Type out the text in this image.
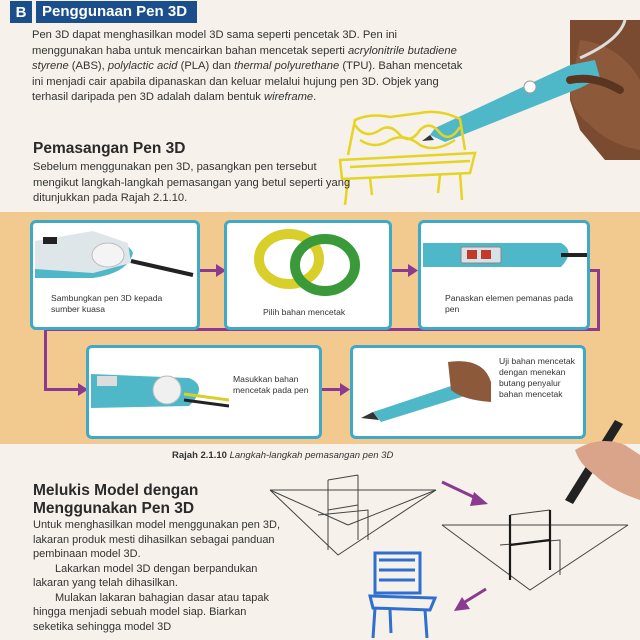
B	Penggunaan Pen 3D
Pen 3D dapat menghasilkan model 3D sama seperti pencetak 3D. Pen ini menggunakan haba untuk mencairkan bahan mencetak seperti acrylonitrile butadiene styrene (ABS), polylactic acid (PLA) dan thermal polyurethane (TPU). Bahan mencetak ini menjadi cair apabila dipanaskan dan keluar melalui hujung pen 3D. Objek yang terhasil daripada pen 3D adalah dalam bentuk wireframe.
Pemasangan Pen 3D
Sebelum menggunakan pen 3D, pasangkan pen tersebut mengikut langkah-langkah pemasangan yang betul seperti yang ditunjukkan pada Rajah 2.1.10.
Sambungkan pen 3D kepada sumber kuasa	Pilih bahan mencetak
Panaskan elemen pemanas pada pen
Masukkan bahan mencetak pada pen
Uji bahan mencetak dengan menekan butang penyalur bahan mencetak
Rajah 2.1.10 Langkah-langkah pemasangan pen 3D
Melukis Model dengan
Menggunakan Pen 3D
Untuk menghasilkan model menggunakan pen 3D, lakaran produk mesti dihasilkan sebagai panduan pembinaan model 3D.
Lakarkan model 3D dengan berpandukan lakaran yang telah dihasilkan.
Mulakan lakaran bahagian dasar atau tapak hingga menjadi sebuah model siap. Biarkan seketika sehingga model 3D
